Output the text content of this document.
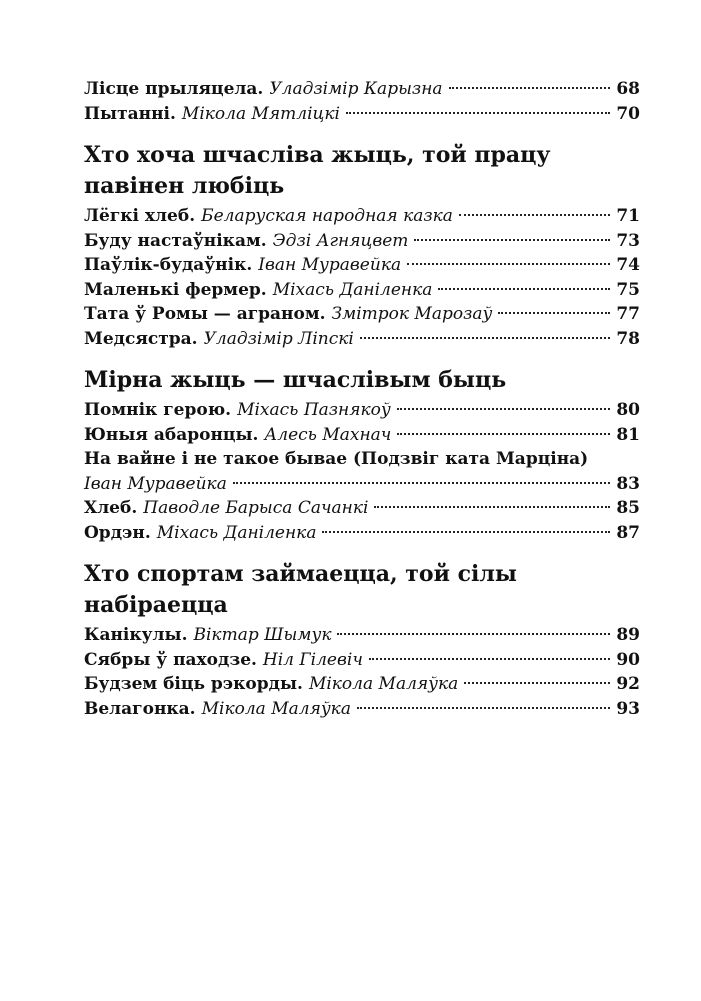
Лісце пpыляцела. Уладзімір Карызна	68
Пытанні. Мікола Мятліцкі	70
Хто хоча шчасліва жыць, той працу
павінен любіць
Лёгкі хлеб. Беларуская народная казка	71
Буду настаўнікам. Эдзі Агняцвет	73
Паўлік-будаўнік. Іван Мурaвейка	74
Маленькі фермер. Міхась Даніленка	75
Тата ў Ромы — аграном. Змітрок Марозаў	77
Медсястра. Уладзімір Ліпскі	78
Мірна жыць — шчаслівым быць
Помнік герою. Міхась Пазнякоў	80
Юныя абаронцы. Алесь Махнач	81
На вайне і не такое бывае (Подзвіг ката Марціна)
Іван Мурaвейка	83
Хлеб. Паводле Барыса Сачанкі	85
Ордэн. Міхась Даніленка	87
Хто спортам займаецца, той сілы
набіраецца
Канікулы. Віктар Шымук	89
Сябры ў паходзе. Ніл Гілевіч	90
Будзем біць рэкорды. Мікола Маляўка	92
Велагонка. Мікола Маляўка	93
